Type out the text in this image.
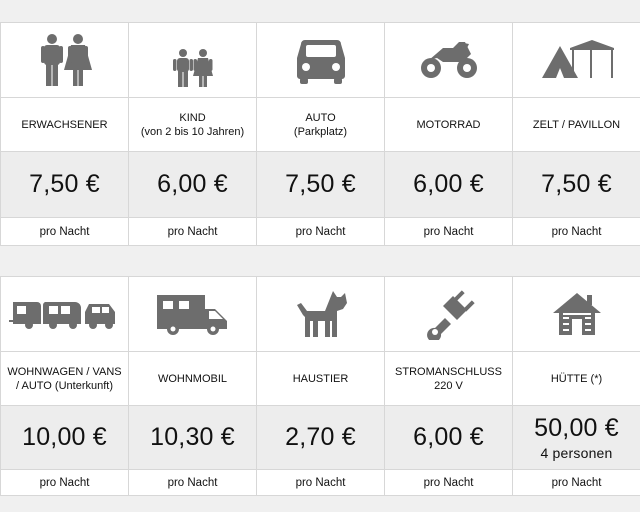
ERWACHSENER
7,50 €
pro Nacht
KIND
(von 2 bis 10 Jahren)
6,00 €
pro Nacht
AUTO
(Parkplatz)
7,50 €
pro Nacht
MOTORRAD
6,00 €
pro Nacht
ZELT / PAVILLON
7,50 €
pro Nacht
WOHNWAGEN / VANS
/ AUTO (Unterkunft)
10,00 €
pro Nacht
WOHNMOBIL
10,30 €
pro Nacht
HAUSTIER
2,70 €
pro Nacht
STROMANSCHLUSS
220 V
6,00 €
pro Nacht
HÜTTE (*)
50,00 €
4 personen
pro Nacht
